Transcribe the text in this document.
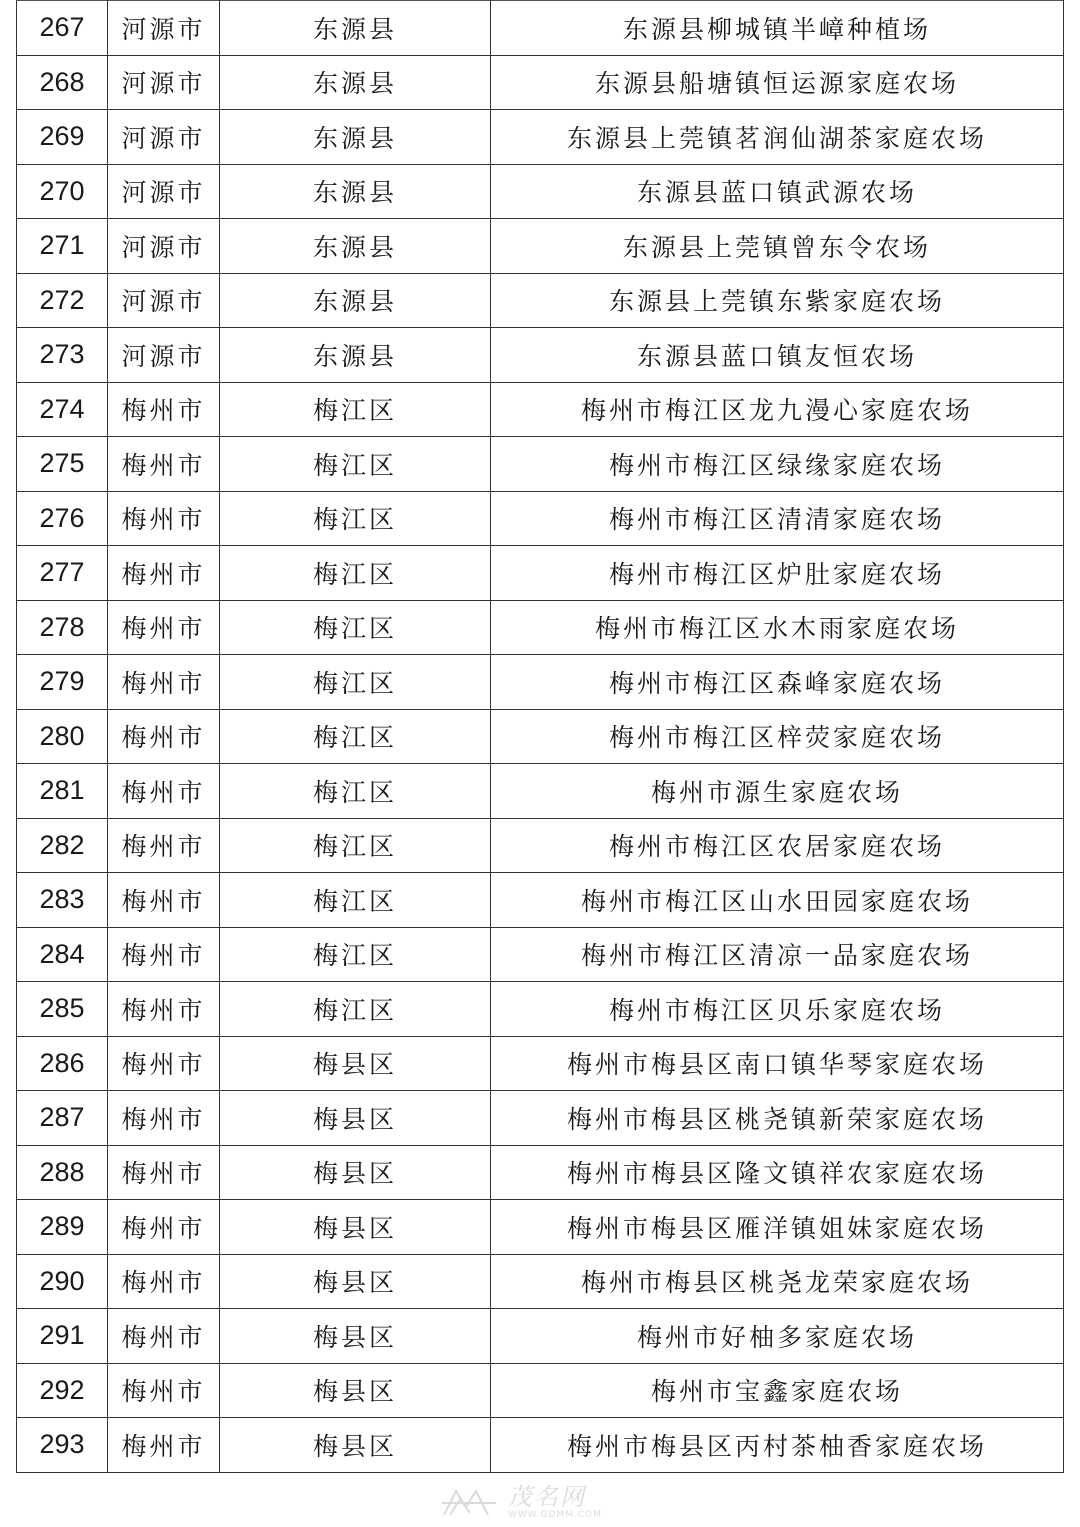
267	河源市	东源县	东源县柳城镇半嶂种植场
268	河源市	东源县	东源县船塘镇恒运源家庭农场
269	河源市	东源县	东源县上莞镇茗润仙湖茶家庭农场
270	河源市	东源县	东源县蓝口镇武源农场
271	河源市	东源县	东源县上莞镇曾东令农场
272	河源市	东源县	东源县上莞镇东紫家庭农场
273	河源市	东源县	东源县蓝口镇友恒农场
274	梅州市	梅江区	梅州市梅江区龙九漫心家庭农场
275	梅州市	梅江区	梅州市梅江区绿缘家庭农场
276	梅州市	梅江区	梅州市梅江区清清家庭农场
277	梅州市	梅江区	梅州市梅江区炉肚家庭农场
278	梅州市	梅江区	梅州市梅江区水木雨家庭农场
279	梅州市	梅江区	梅州市梅江区森峰家庭农场
280	梅州市	梅江区	梅州市梅江区梓荧家庭农场
281	梅州市	梅江区	梅州市源生家庭农场
282	梅州市	梅江区	梅州市梅江区农居家庭农场
283	梅州市	梅江区	梅州市梅江区山水田园家庭农场
284	梅州市	梅江区	梅州市梅江区清凉一品家庭农场
285	梅州市	梅江区	梅州市梅江区贝乐家庭农场
286	梅州市	梅县区	梅州市梅县区南口镇华琴家庭农场
287	梅州市	梅县区	梅州市梅县区桃尧镇新荣家庭农场
288	梅州市	梅县区	梅州市梅县区隆文镇祥农家庭农场
289	梅州市	梅县区	梅州市梅县区雁洋镇姐妹家庭农场
290	梅州市	梅县区	梅州市梅县区桃尧龙荣家庭农场
291	梅州市	梅县区	梅州市好柚多家庭农场
292	梅州市	梅县区	梅州市宝鑫家庭农场
293	梅州市	梅县区	梅州市梅县区丙村茶柚香家庭农场
茂名网
WWW.GDMM.COM
